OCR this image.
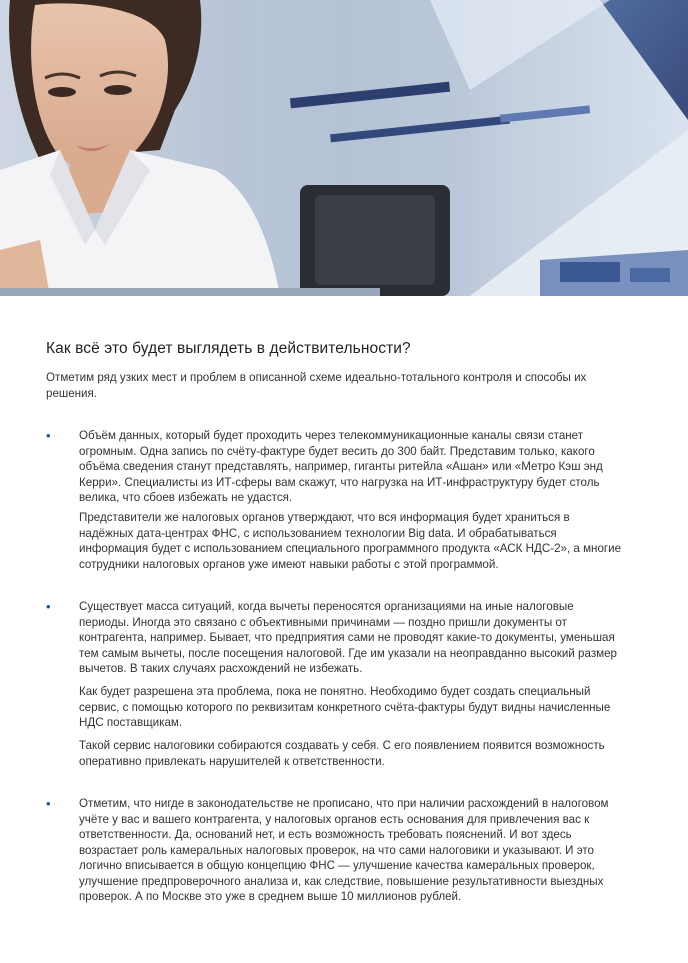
Как всё это будет выглядеть в действительности?

Отметим ряд узких мест и проблем в описанной схеме идеально-тотального контроля и способы их решения.

• Объём данных, который будет проходить через телекоммуникационные каналы связи станет огромным. Одна запись по счёту-фактуре будет весить до 300 байт. Представим только, какого объёма сведения станут представлять, например, гиганты ритейла «Ашан» или «Метро Кэш энд Керри». Специалисты из ИТ-сферы вам скажут, что нагрузка на ИТ-инфраструктуру будет столь велика, что сбоев избежать не удастся.

Представители же налоговых органов утверждают, что вся информация будет храниться в надёжных дата-центрах ФНС, с использованием технологии Big data. И обрабатываться информация будет с использованием специального программного продукта «АСК НДС-2», а многие сотрудники налоговых органов уже имеют навыки работы с этой программой.

• Существует масса ситуаций, когда вычеты переносятся организациями на иные налоговые периоды. Иногда это связано с объективными причинами — поздно пришли документы от контрагента, например. Бывает, что предприятия сами не проводят какие-то документы, уменьшая тем самым вычеты, после посещения налоговой. Где им указали на неоправданно высокий размер вычетов. В таких случаях расхождений не избежать.

Как будет разрешена эта проблема, пока не понятно. Необходимо будет создать специальный сервис, с помощью которого по реквизитам конкретного счёта-фактуры будут видны начисленные НДС поставщикам.

Такой сервис налоговики собираются создавать у себя. С его появлением появится возможность оперативно привлекать нарушителей к ответственности.

• Отметим, что нигде в законодательстве не прописано, что при наличии расхождений в налоговом учёте у вас и вашего контрагента, у налоговых органов есть основания для привлечения вас к ответственности. Да, оснований нет, и есть возможность требовать пояснений. И вот здесь возрастает роль камеральных налоговых проверок, на что сами налоговики и указывают. И это логично вписывается в общую концепцию ФНС — улучшение качества камеральных проверок, улучшение предпроверочного анализа и, как следствие, повышение результативности выездных проверок. А по Москве это уже в среднем выше 10 миллионов рублей.
